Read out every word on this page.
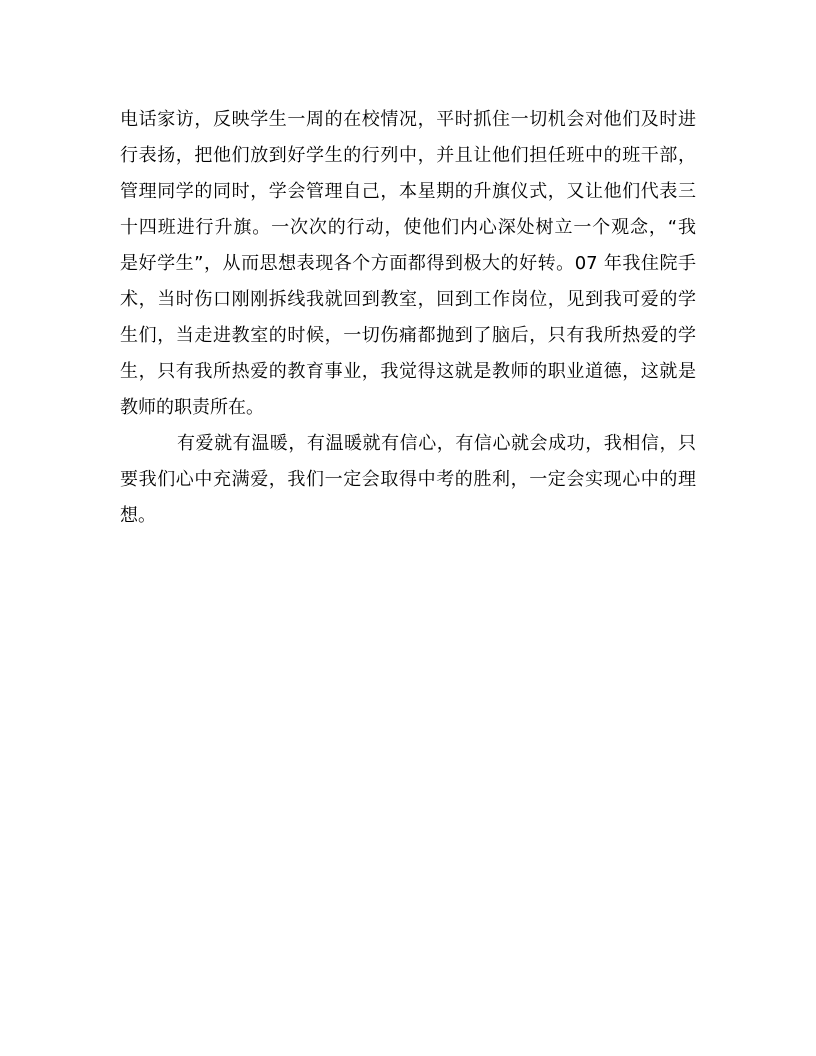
电话家访，反映学生一周的在校情况，平时抓住一切机会对他们及时进
行表扬，把他们放到好学生的行列中，并且让他们担任班中的班干部，
管理同学的同时，学会管理自己，本星期的升旗仪式，又让他们代表三
十四班进行升旗。一次次的行动，使他们内心深处树立一个观念，“我
是好学生”，从而思想表现各个方面都得到极大的好转。07 年我住院手
术，当时伤口刚刚拆线我就回到教室，回到工作岗位，见到我可爱的学
生们，当走进教室的时候，一切伤痛都抛到了脑后，只有我所热爱的学
生，只有我所热爱的教育事业，我觉得这就是教师的职业道德，这就是
教师的职责所在。
有爱就有温暖，有温暖就有信心，有信心就会成功，我相信，只
要我们心中充满爱，我们一定会取得中考的胜利，一定会实现心中的理
想。
